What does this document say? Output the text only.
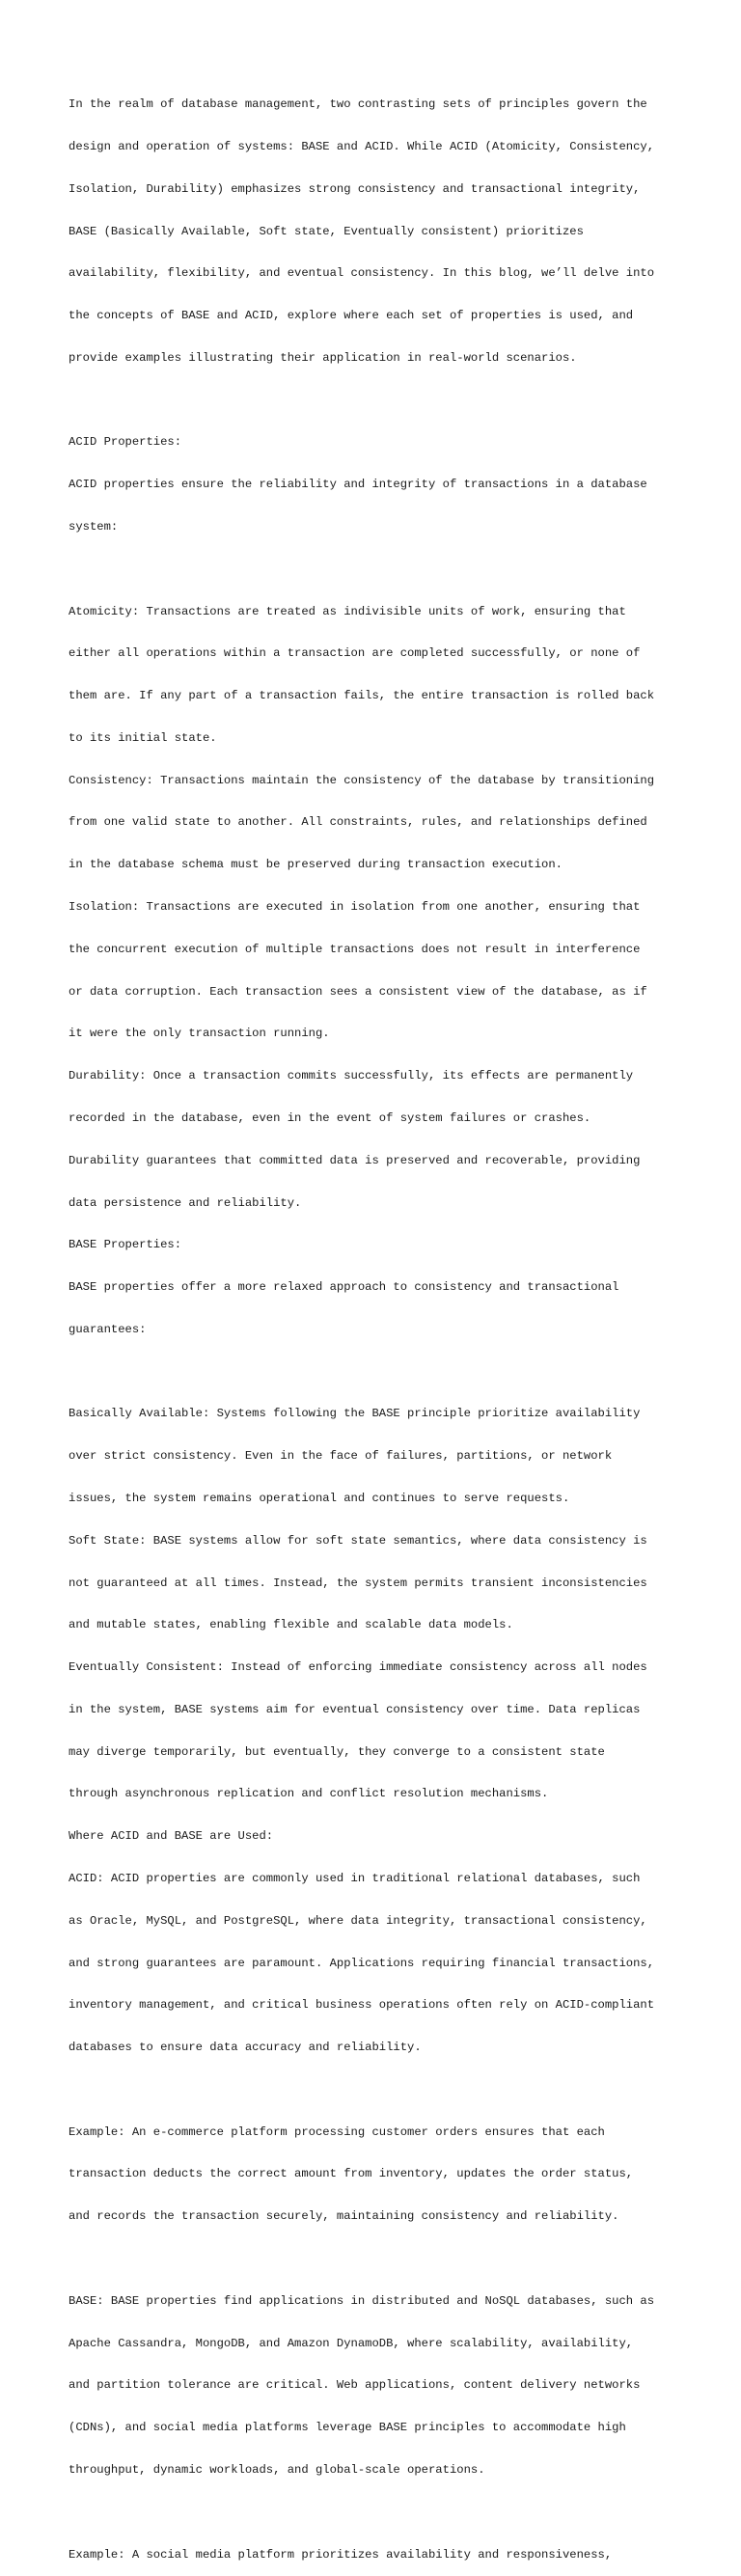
In the realm of database management, two contrasting sets of principles govern the

design and operation of systems: BASE and ACID. While ACID (Atomicity, Consistency,

Isolation, Durability) emphasizes strong consistency and transactional integrity,

BASE (Basically Available, Soft state, Eventually consistent) prioritizes

availability, flexibility, and eventual consistency. In this blog, we’ll delve into

the concepts of BASE and ACID, explore where each set of properties is used, and

provide examples illustrating their application in real-world scenarios.

ACID Properties:

ACID properties ensure the reliability and integrity of transactions in a database

system:

Atomicity: Transactions are treated as indivisible units of work, ensuring that

either all operations within a transaction are completed successfully, or none of

them are. If any part of a transaction fails, the entire transaction is rolled back

to its initial state.

Consistency: Transactions maintain the consistency of the database by transitioning

from one valid state to another. All constraints, rules, and relationships defined

in the database schema must be preserved during transaction execution.

Isolation: Transactions are executed in isolation from one another, ensuring that

the concurrent execution of multiple transactions does not result in interference

or data corruption. Each transaction sees a consistent view of the database, as if

it were the only transaction running.

Durability: Once a transaction commits successfully, its effects are permanently

recorded in the database, even in the event of system failures or crashes.

Durability guarantees that committed data is preserved and recoverable, providing

data persistence and reliability.

BASE Properties:

BASE properties offer a more relaxed approach to consistency and transactional

guarantees:

Basically Available: Systems following the BASE principle prioritize availability

over strict consistency. Even in the face of failures, partitions, or network

issues, the system remains operational and continues to serve requests.

Soft State: BASE systems allow for soft state semantics, where data consistency is

not guaranteed at all times. Instead, the system permits transient inconsistencies

and mutable states, enabling flexible and scalable data models.

Eventually Consistent: Instead of enforcing immediate consistency across all nodes

in the system, BASE systems aim for eventual consistency over time. Data replicas

may diverge temporarily, but eventually, they converge to a consistent state

through asynchronous replication and conflict resolution mechanisms.

Where ACID and BASE are Used:

ACID: ACID properties are commonly used in traditional relational databases, such

as Oracle, MySQL, and PostgreSQL, where data integrity, transactional consistency,

and strong guarantees are paramount. Applications requiring financial transactions,

inventory management, and critical business operations often rely on ACID-compliant

databases to ensure data accuracy and reliability.

Example: An e-commerce platform processing customer orders ensures that each

transaction deducts the correct amount from inventory, updates the order status,

and records the transaction securely, maintaining consistency and reliability.

BASE: BASE properties find applications in distributed and NoSQL databases, such as

Apache Cassandra, MongoDB, and Amazon DynamoDB, where scalability, availability,

and partition tolerance are critical. Web applications, content delivery networks

(CDNs), and social media platforms leverage BASE principles to accommodate high

throughput, dynamic workloads, and global-scale operations.

Example: A social media platform prioritizes availability and responsiveness,
